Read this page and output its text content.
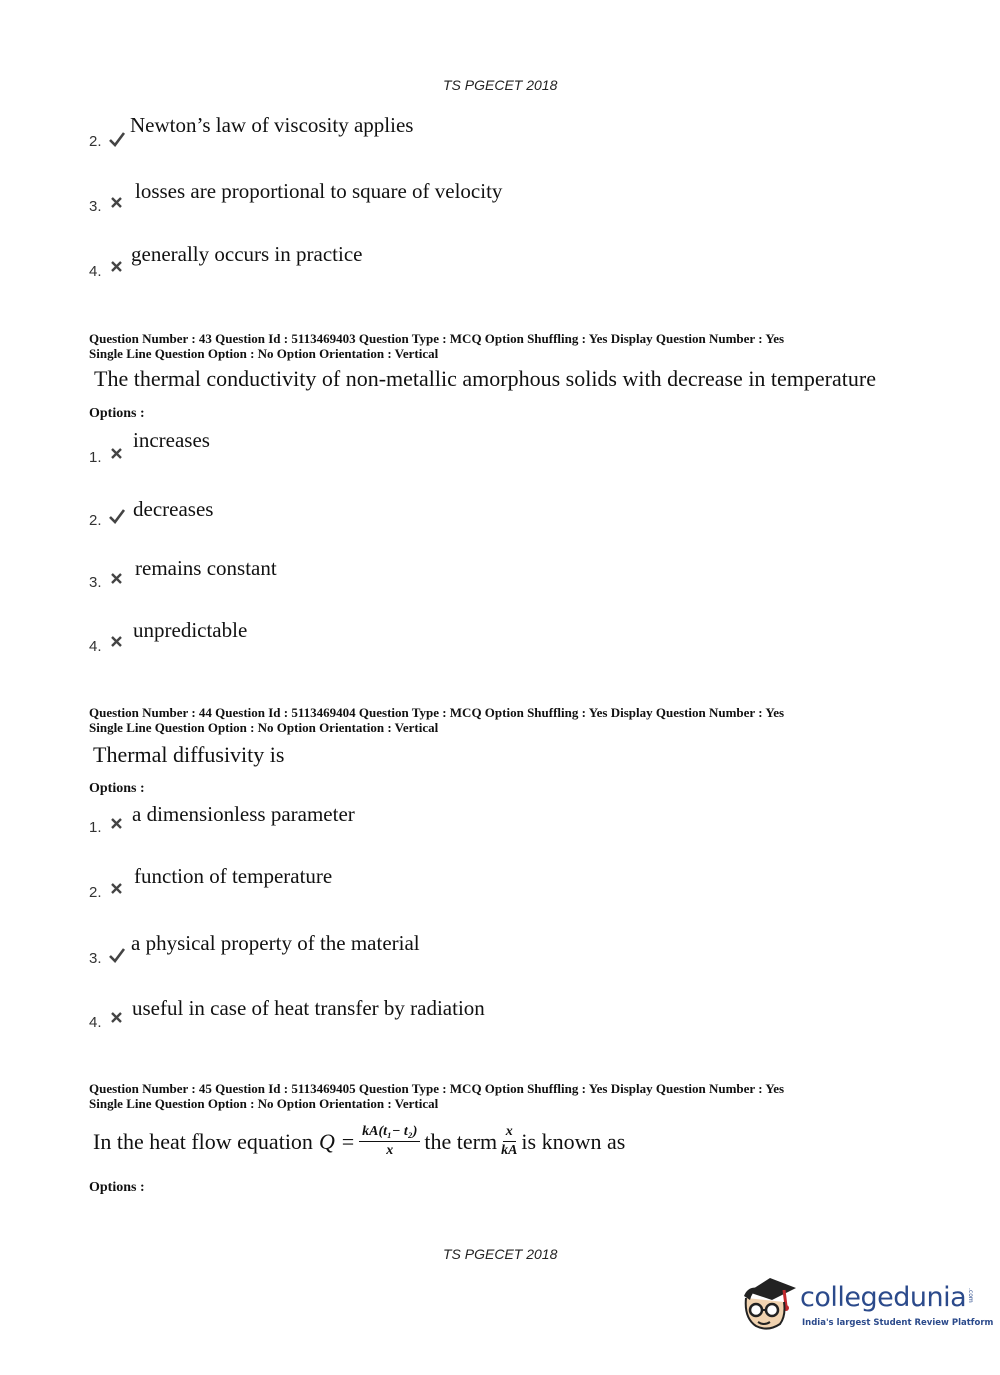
TS PGECET 2018
2.
Newton’s law of viscosity applies
3.
losses are proportional to square of velocity
4.
generally occurs in practice
Question Number : 43 Question Id : 5113469403 Question Type : MCQ Option Shuffling : Yes Display Question Number : Yes
Single Line Question Option : No Option Orientation : Vertical
The thermal conductivity of non-metallic amorphous solids with decrease in temperature
Options :
1.
increases
2. decreases
3.
remains constant
4.
unpredictable
Question Number : 44 Question Id : 5113469404 Question Type : MCQ Option Shuffling : Yes Display Question Number : Yes
Single Line Question Option : No Option Orientation : Vertical
Thermal diffusivity is
Options :
1.
a dimensionless parameter
2.
function of temperature
3.
a physical property of the material
4.
useful in case of heat transfer by radiation
Question Number : 45 Question Id : 5113469405 Question Type : MCQ Option Shuffling : Yes Display Question Number : Yes
Single Line Question Option : No Option Orientation : Vertical
In the heat flow equation $Q = \frac{\text{kA(t₁− t₂)}}{x}$ the term $\frac{x}{kA}$ is known as
Options :
TS PGECET 2018
collegedunia .com
India's largest Student Review Platform
